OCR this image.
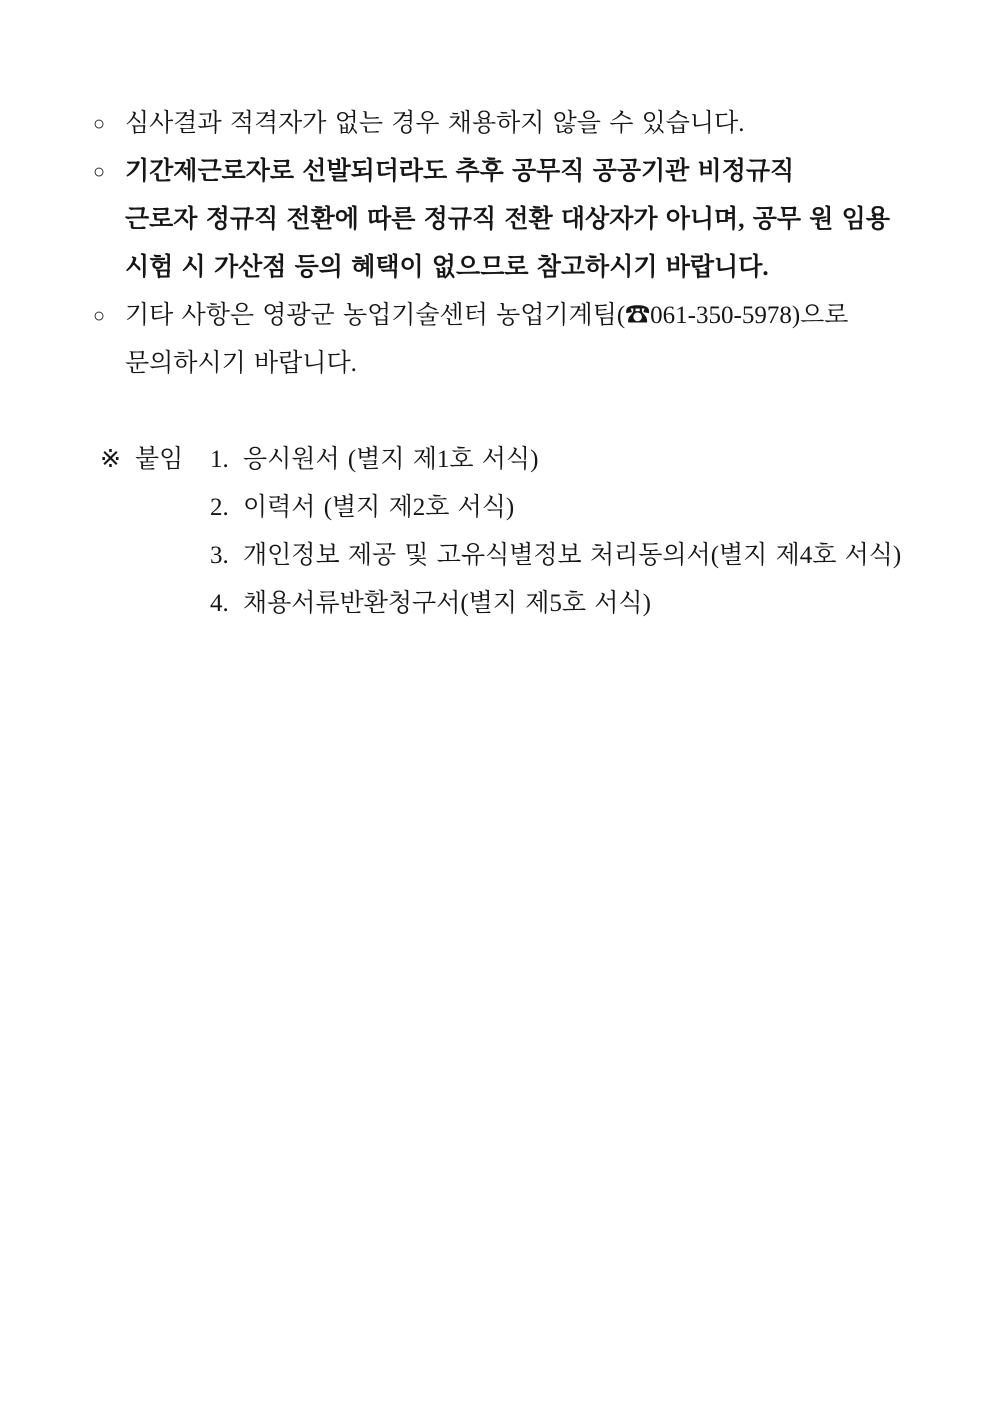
○ 심사결과 적격자가 없는 경우 채용하지 않을 수 있습니다.
○ 기간제근로자로 선발되더라도 추후 공무직 공공기관 비정규직
근로자 정규직 전환에 따른 정규직 전환 대상자가 아니며, 공무 원 임용
시험 시 가산점 등의 혜택이 없으므로 참고하시기 바랍니다.
○ 기타 사항은 영광군 농업기술센터 농업기계팀(☎061-350-5978)으로
문의하시기 바랍니다.
※ 붙임 1. 응시원서 (별지 제1호 서식)
2. 이력서 (별지 제2호 서식)
3. 개인정보 제공 및 고유식별정보 처리동의서(별지 제4호 서식)
4. 채용서류반환청구서(별지 제5호 서식)
